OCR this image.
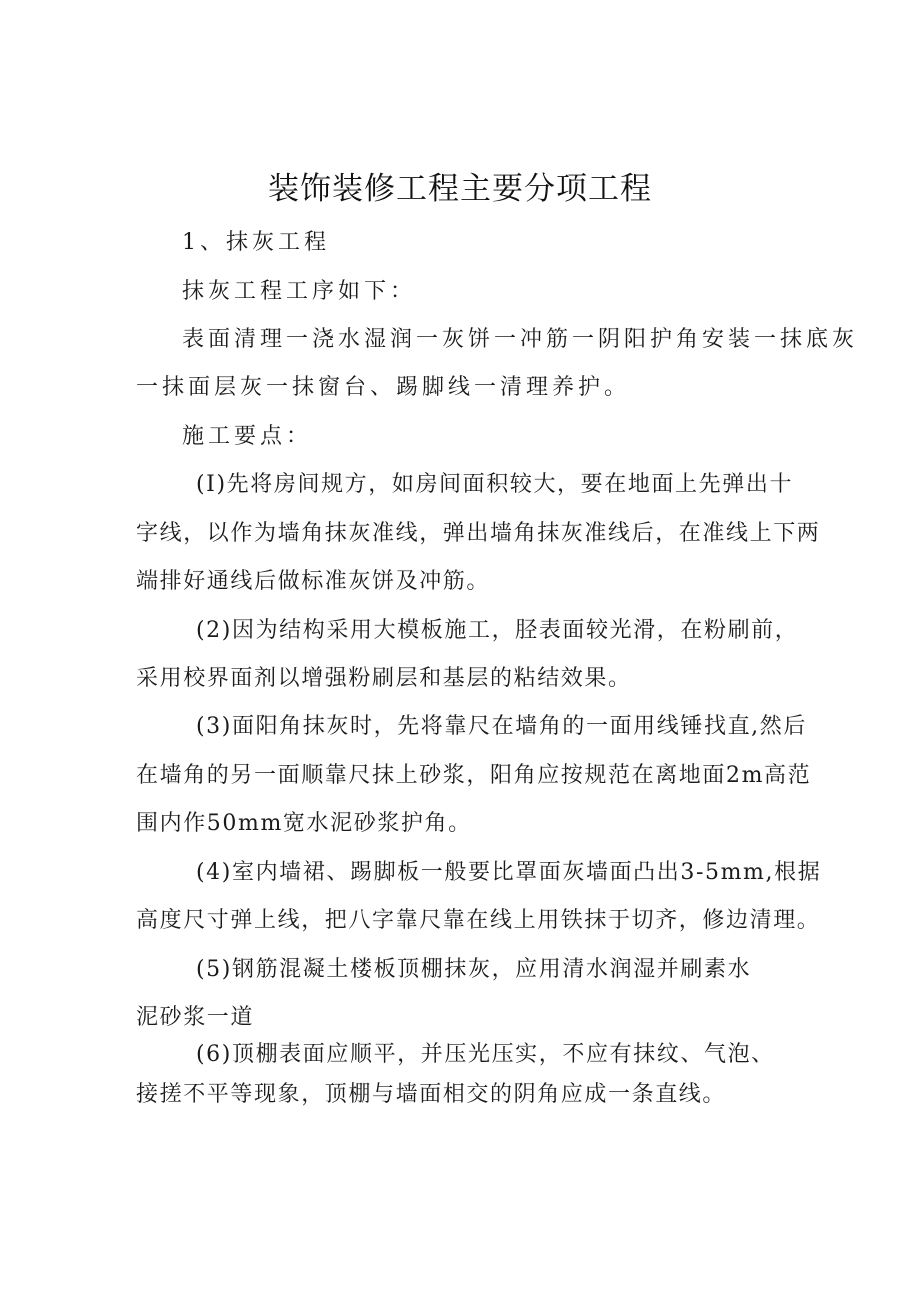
装饰装修工程主要分项工程
1、抹灰工程
抹灰工程工序如下：
表面清理一浇水湿润一灰饼一冲筋一阴阳护角安装一抹底灰
一抹面层灰一抹窗台、踢脚线一清理养护。
施工要点：
(I)先将房间规方，如房间面积较大，要在地面上先弹出十
字线，以作为墙角抹灰准线，弹出墙角抹灰准线后，在准线上下两
端排好通线后做标准灰饼及冲筋。
(2)因为结构采用大模板施工，胫表面较光滑，在粉刷前，
采用校界面剂以增强粉刷层和基层的粘结效果。
(3)面阳角抹灰时，先将靠尺在墙角的一面用线锤找直,然后
在墙角的另一面顺靠尺抹上砂浆，阳角应按规范在离地面2m高范
围内作50mm宽水泥砂浆护角。
(4)室内墙裙、踢脚板一般要比罩面灰墙面凸出3-5mm,根据
高度尺寸弹上线，把八字靠尺靠在线上用铁抹于切齐，修边清理。
(5)钢筋混凝土楼板顶棚抹灰，应用清水润湿并刷素水
泥砂浆一道
(6)顶棚表面应顺平，并压光压实，不应有抹纹、气泡、
接搓不平等现象，顶棚与墙面相交的阴角应成一条直线。
